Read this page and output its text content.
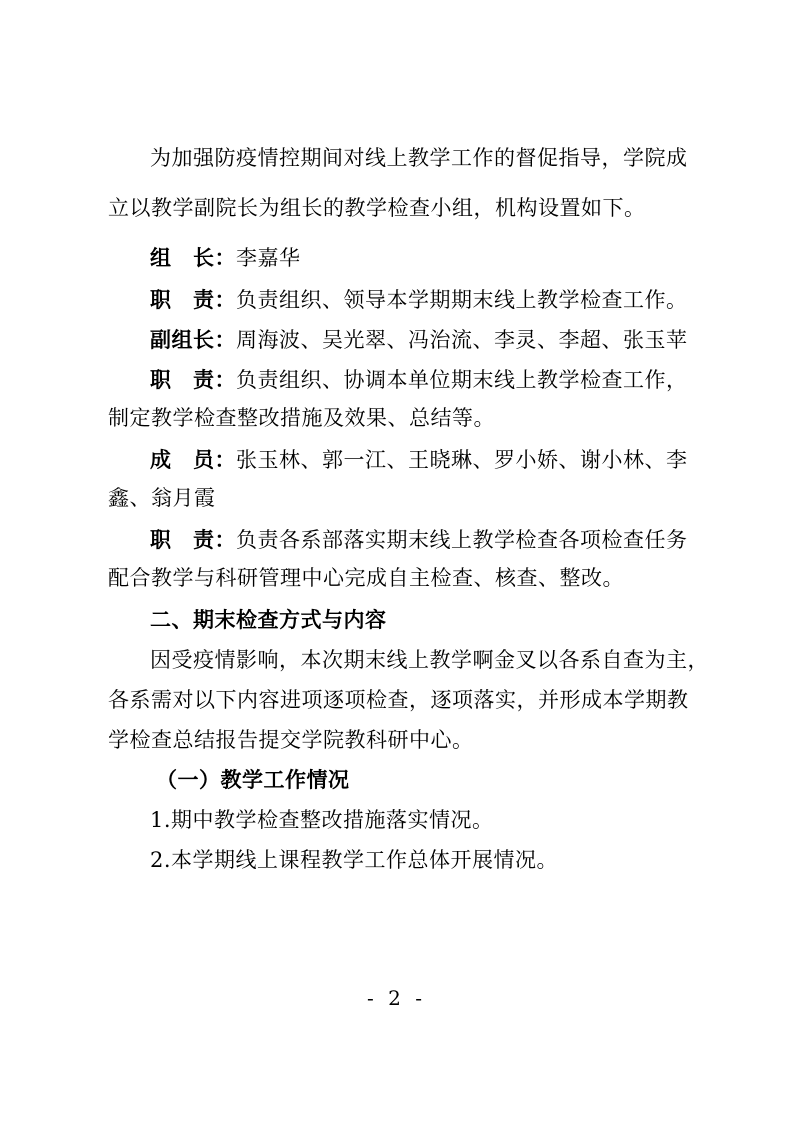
为加强防疫情控期间对线上教学工作的督促指导，学院成
立以教学副院长为组长的教学检查小组，机构设置如下。
组　长：李嘉华
职　责：负责组织、领导本学期期末线上教学检查工作。
副组长：周海波、吴光翠、冯治流、李灵、李超、张玉苹
职　责：负责组织、协调本单位期末线上教学检查工作，
制定教学检查整改措施及效果、总结等。
成　员：张玉林、郭一江、王晓琳、罗小娇、谢小林、李
鑫、翁月霞
职　责：负责各系部落实期末线上教学检查各项检查任务
配合教学与科研管理中心完成自主检查、核查、整改。
二、期末检查方式与内容
因受疫情影响，本次期末线上教学啊金叉以各系自查为主，
各系需对以下内容进项逐项检查，逐项落实，并形成本学期教
学检查总结报告提交学院教科研中心。
（一）教学工作情况
1.期中教学检查整改措施落实情况。
2.本学期线上课程教学工作总体开展情况。
- 2 -
